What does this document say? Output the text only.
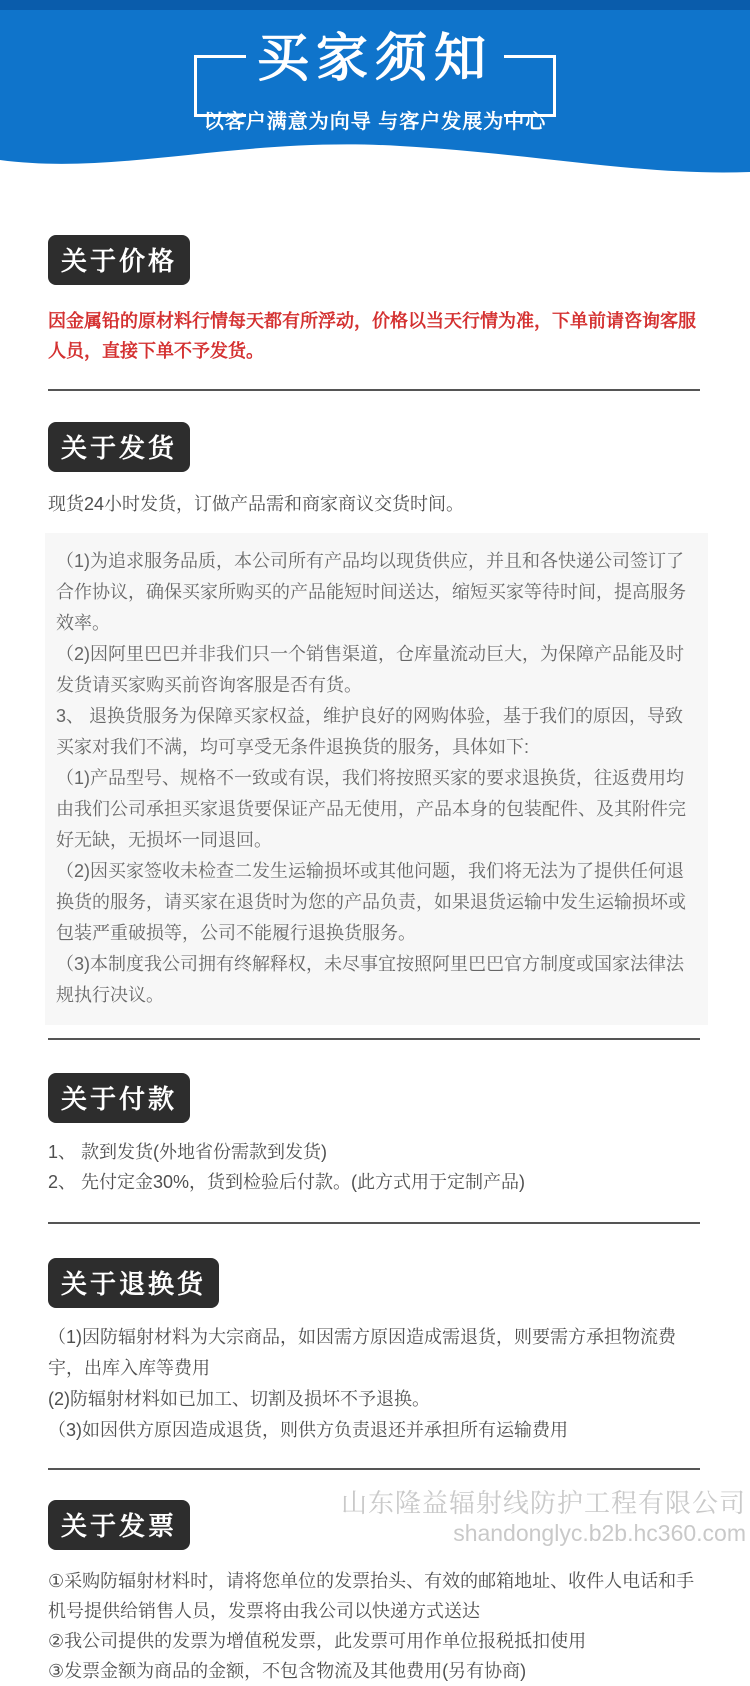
买家须知
以客户满意为向导 与客户发展为中心
关于价格

因金属铅的原材料行情每天都有所浮动，价格以当天行情为准，下单前请咨询客服人员，直接下单不予发货。

关于发货

现货24小时发货，订做产品需和商家商议交货时间。

（1)为追求服务品质，本公司所有产品均以现货供应，并且和各快递公司签订了合作协议，确保买家所购买的产品能短时间送达，缩短买家等待时间，提高服务效率。

（2)因阿里巴巴并非我们只一个销售渠道，仓库量流动巨大，为保障产品能及时发货请买家购买前咨询客服是否有货。

3、 退换货服务为保障买家权益，维护良好的网购体验，基于我们的原因，导致买家对我们不满，均可享受无条件退换货的服务，具体如下:

（1)产品型号、规格不一致或有误，我们将按照买家的要求退换货，往返费用均由我们公司承担买家退货要保证产品无使用，产品本身的包装配件、及其附件完好无缺，无损坏一同退回。

（2)因买家签收未检查二发生运输损坏或其他问题，我们将无法为了提供任何退换货的服务，请买家在退货时为您的产品负责，如果退货运输中发生运输损坏或包装严重破损等，公司不能履行退换货服务。

（3)本制度我公司拥有终解释权，未尽事宜按照阿里巴巴官方制度或国家法律法规执行决议。

关于付款

1、 款到发货(外地省份需款到发货)

2、 先付定金30%，货到检验后付款。(此方式用于定制产品)

关于退换货

（1)因防辐射材料为大宗商品，如因需方原因造成需退货，则要需方承担物流费宇，出库入库等费用

(2)防辐射材料如已加工、切割及损坏不予退换。

（3)如因供方原因造成退货，则供方负责退还并承担所有运输费用

关于发票

①采购防辐射材料时，请将您单位的发票抬头、有效的邮箱地址、收件人电话和手机号提供给销售人员，发票将由我公司以快递方式送达

②我公司提供的发票为增值税发票，此发票可用作单位报税抵扣使用

③发票金额为商品的金额，不包含物流及其他费用(另有协商)

山东隆益辐射线防护工程有限公司
shandonglyc.b2b.hc360.com
